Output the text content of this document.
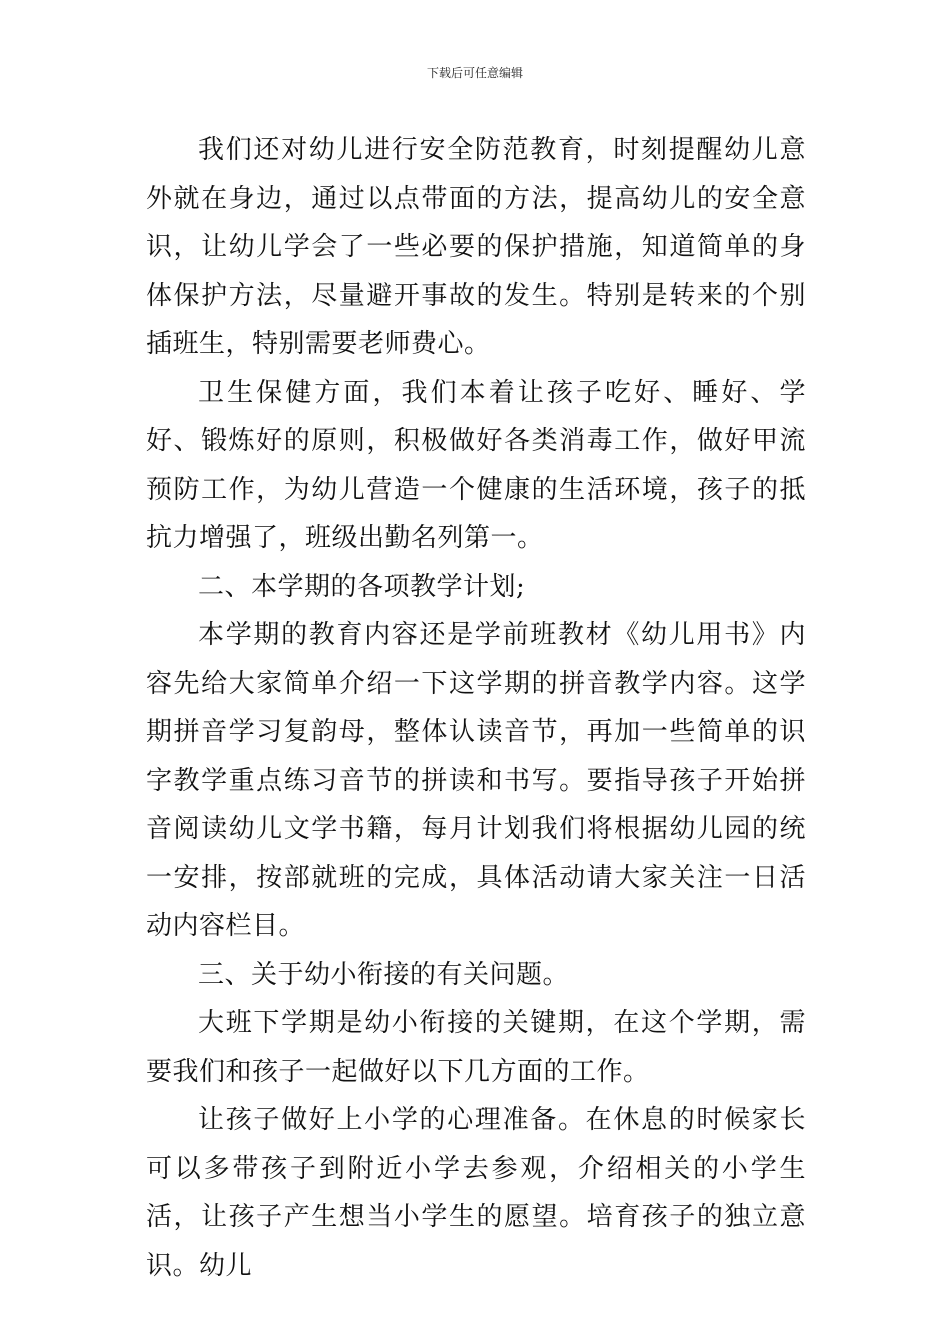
下载后可任意编辑

我们还对幼儿进行安全防范教育，时刻提醒幼儿意外就在身边，通过以点带面的方法，提高幼儿的安全意识，让幼儿学会了一些必要的保护措施，知道简单的身体保护方法，尽量避开事故的发生。特别是转来的个别插班生，特别需要老师费心。

卫生保健方面，我们本着让孩子吃好、睡好、学好、锻炼好的原则，积极做好各类消毒工作，做好甲流预防工作，为幼儿营造一个健康的生活环境，孩子的抵抗力增强了，班级出勤名列第一。

二、本学期的各项教学计划;

本学期的教育内容还是学前班教材《幼儿用书》内容先给大家简单介绍一下这学期的拼音教学内容。这学期拼音学习复韵母，整体认读音节，再加一些简单的识字教学重点练习音节的拼读和书写。要指导孩子开始拼音阅读幼儿文学书籍，每月计划我们将根据幼儿园的统一安排，按部就班的完成，具体活动请大家关注一日活动内容栏目。

三、关于幼小衔接的有关问题。

大班下学期是幼小衔接的关键期，在这个学期，需要我们和孩子一起做好以下几方面的工作。

让孩子做好上小学的心理准备。在休息的时候家长可以多带孩子到附近小学去参观，介绍相关的小学生活，让孩子产生想当小学生的愿望。培育孩子的独立意识。幼儿
